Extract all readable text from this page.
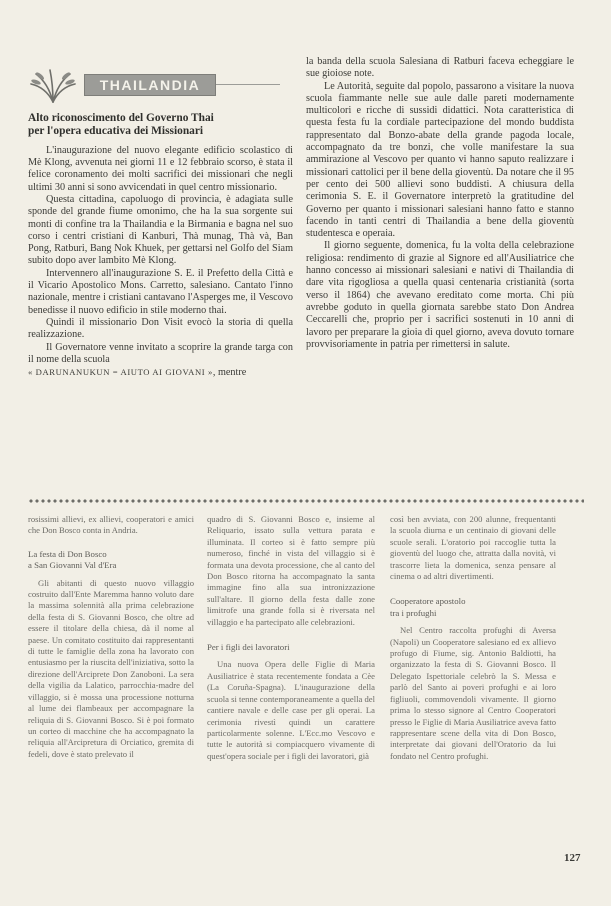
THAILANDIA
Alto riconoscimento del Governo Thai
per l'opera educativa dei Missionari

L'inaugurazione del nuovo elegante edificio scolastico di Mè Klong, avvenuta nei giorni 11 e 12 febbraio scorso, è stata il felice coronamento dei molti sacrifici dei missionari che negli ultimi 30 anni si sono avvicendati in quel centro missionario.

Questa cittadina, capoluogo di provincia, è adagiata sulle sponde del grande fiume omonimo, che ha la sua sorgente sui monti di confine tra la Thailandia e la Birmania e bagna nel suo corso i centri cristiani di Kanburi, Thà munag, Thà và, Ban Pong, Ratburi, Bang Nok Khuek, per gettarsi nel Golfo del Siam subito dopo aver lambito Mè Klong.

Intervennero all'inaugurazione S. E. il Prefetto della Città e il Vicario Apostolico Mons. Carretto, salesiano. Cantato l'inno nazionale, mentre i cristiani cantavano l'Asperges me, il Vescovo benedisse il nuovo edificio in stile moderno thai.

Quindi il missionario Don Visit evocò la storia di quella realizzazione.

Il Governatore venne invitato a scoprire la grande targa con il nome della scuola

« DARUNANUKUN = AIUTO AI GIOVANI », mentre

la banda della scuola Salesiana di Ratburi faceva echeggiare le sue gioiose note.

Le Autorità, seguite dal popolo, passarono a visitare la nuova scuola fiammante nelle sue aule dalle pareti modernamente multicolori e ricche di sussidi didattici. Nota caratteristica di questa festa fu la cordiale partecipazione del mondo buddista rappresentato dal Bonzo-abate della grande pagoda locale, accompagnato da tre bonzi, che volle manifestare la sua ammirazione al Vescovo per quanto vi hanno saputo realizzare i missionari cattolici per il bene della gioventù. Da notare che il 95 per cento dei 500 allievi sono buddisti. A chiusura della cerimonia S. E. il Governatore interpretò la gratitudine del Governo per quanto i missionari salesiani hanno fatto e stanno facendo in tanti centri di Thailandia a bene della gioventù studentesca e operaia.

Il giorno seguente, domenica, fu la volta della celebrazione religiosa: rendimento di grazie al Signore ed all'Ausiliatrice che hanno concesso ai missionari salesiani e nativi di Thailandia di dare vita rigogliosa a quella quasi centenaria cristianità (sorta verso il 1864) che avevano ereditato come morta. Chi più avrebbe goduto in quella giornata sarebbe stato Don Andrea Ceccarelli che, proprio per i sacrifici sostenuti in 10 anni di lavoro per preparare la gioia di quel giorno, aveva dovuto tornare provvisoriamente in patria per rimettersi in salute.

rosissimi allievi, ex allievi, cooperatori e amici che Don Bosco conta in Andria.

La festa di Don Bosco
a San Giovanni Val d'Era

Gli abitanti di questo nuovo villaggio costruito dall'Ente Maremma hanno voluto dare la massima solennità alla prima celebrazione della festa di S. Giovanni Bosco, che oltre ad essere il titolare della chiesa, dà il nome al paese. Un comitato costituito dai rappresentanti di tutte le famiglie della zona ha lavorato con entusiasmo per la riuscita dell'iniziativa, sotto la direzione dell'Arciprete Don Zanoboni. La sera della vigilia da Lalatico, parrocchia-madre del villaggio, si è mossa una processione notturna al lume dei flambeaux per accompagnare la reliquia di S. Giovanni Bosco. Si è poi formato un corteo di macchine che ha accompagnato la reliquia all'Arcipretura di Orciatico, gremita di fedeli, dove è stato prelevato il

quadro di S. Giovanni Bosco e, insieme al Reliquario, issato sulla vettura parata e illuminata. Il corteo si è fatto sempre più numeroso, finché in vista del villaggio si è formata una devota processione, che al canto del Don Bosco ritorna ha accompagnato la santa immagine fino alla sua intronizzazione sull'altare. Il giorno della festa dalle zone limitrofe una grande folla si è riversata nel villaggio e ha partecipato alle celebrazioni.

Per i figli dei lavoratori

Una nuova Opera delle Figlie di Maria Ausiliatrice è stata recentemente fondata a Cèe (La Coruña-Spagna). L'inaugurazione della scuola si tenne contemporaneamente a quella del cantiere navale e delle case per gli operai. La cerimonia rivestì quindi un carattere particolarmente solenne. L'Ecc.mo Vescovo e tutte le autorità si compiacquero vivamente di quest'opera sociale per i figli dei lavoratori, già

così ben avviata, con 200 alunne, frequentanti la scuola diurna e un centinaio di giovani delle scuole serali. L'oratorio poi raccoglie tutta la gioventù del luogo che, attratta dalla novità, vi trascorre lieta la domenica, senza pensare al cinema o ad altri divertimenti.

Cooperatore apostolo
tra i profughi

Nel Centro raccolta profughi di Aversa (Napoli) un Cooperatore salesiano ed ex allievo profugo di Fiume, sig. Antonio Baldiotti, ha organizzato la festa di S. Giovanni Bosco. Il Delegato Ispettoriale celebrò la S. Messa e parlò del Santo ai poveri profughi e ai loro figliuoli, commovendoli vivamente. Il giorno prima lo stesso signore al Centro Cooperatori presso le Figlie di Maria Ausiliatrice aveva fatto rappresentare scene della vita di Don Bosco, interpretate dai giovani dell'Oratorio da lui fondato nel Centro profughi.

127
